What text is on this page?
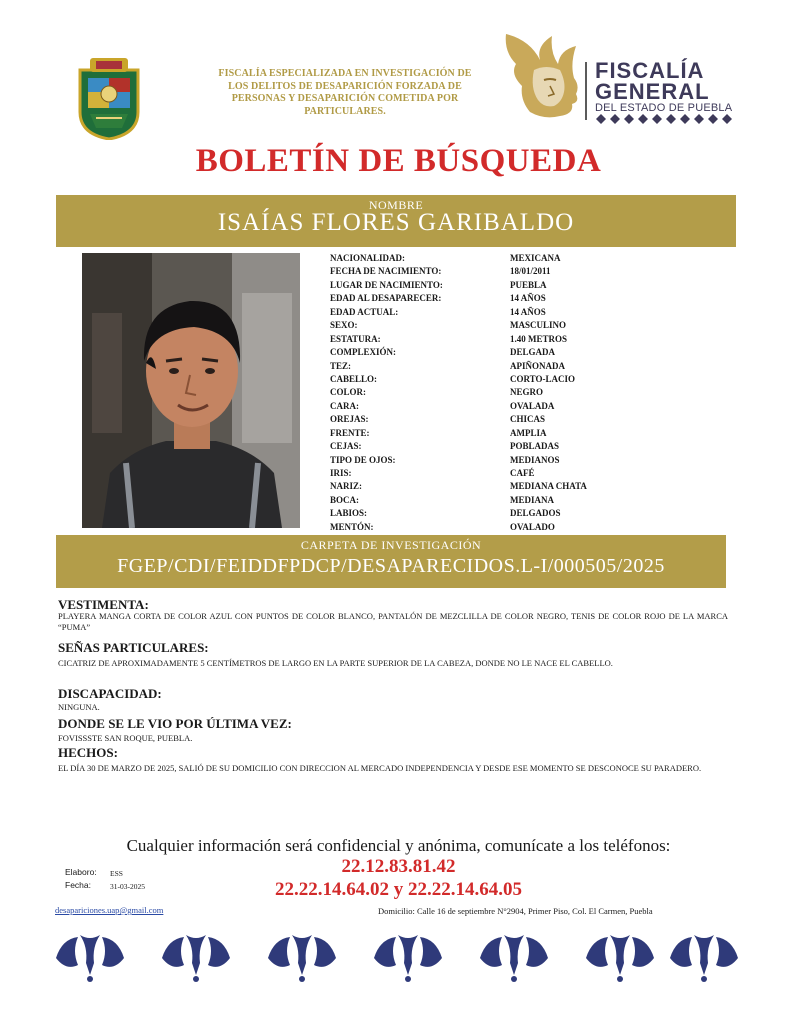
FISCALÍA ESPECIALIZADA EN INVESTIGACIÓN DE
LOS DELITOS DE DESAPARICIÓN FORZADA DE
PERSONAS Y DESAPARICIÓN COMETIDA POR
PARTICULARES.
FISCALÍA
GENERAL
DEL ESTADO DE PUEBLA
BOLETÍN DE BÚSQUEDA
NOMBRE
ISAÍAS FLORES GARIBALDO
NACIONALIDAD:	MEXICANA
FECHA DE NACIMIENTO:	18/01/2011
LUGAR DE NACIMIENTO:	PUEBLA
EDAD AL DESAPARECER:	14 AÑOS
EDAD ACTUAL:	14 AÑOS
SEXO:	MASCULINO
ESTATURA:	1.40 METROS
COMPLEXIÓN:	DELGADA
TEZ:	APIÑONADA
CABELLO:	CORTO-LACIO
COLOR:	NEGRO
CARA:	OVALADA
OREJAS:	CHICAS
FRENTE:	AMPLIA
CEJAS:	POBLADAS
TIPO DE OJOS:	MEDIANOS
IRIS:	CAFÉ
NARIZ:	MEDIANA CHATA
BOCA:	MEDIANA
LABIOS:	DELGADOS
MENTÓN:	OVALADO
CARPETA DE INVESTIGACIÓN
FGEP/CDI/FEIDDFPDCP/DESAPARECIDOS.L-I/000505/2025
VESTIMENTA:
PLAYERA MANGA CORTA DE COLOR AZUL CON PUNTOS DE COLOR BLANCO, PANTALÓN DE MEZCLILLA DE COLOR NEGRO, TENIS DE COLOR ROJO DE LA MARCA “PUMA”
SEÑAS PARTICULARES:
CICATRIZ DE APROXIMADAMENTE 5 CENTÍMETROS DE LARGO EN LA PARTE SUPERIOR DE LA CABEZA, DONDE NO LE NACE EL CABELLO.
DISCAPACIDAD:
NINGUNA.
DONDE SE LE VIO POR ÚLTIMA VEZ:
FOVISSSTE SAN ROQUE, PUEBLA.
HECHOS:
EL DÍA 30 DE MARZO DE 2025, SALIÓ DE SU DOMICILIO CON DIRECCION AL MERCADO INDEPENDENCIA Y DESDE ESE MOMENTO SE DESCONOCE SU PARADERO.
Cualquier información será confidencial y anónima, comunícate a los teléfonos:
22.12.83.81.42
22.22.14.64.02 y 22.22.14.64.05
Elaboro: ESS
Fecha:	31-03-2025
desapariciones.uap@gmail.com	Domicilio: Calle 16 de septiembre N°2904, Primer Piso, Col. El Carmen, Puebla
